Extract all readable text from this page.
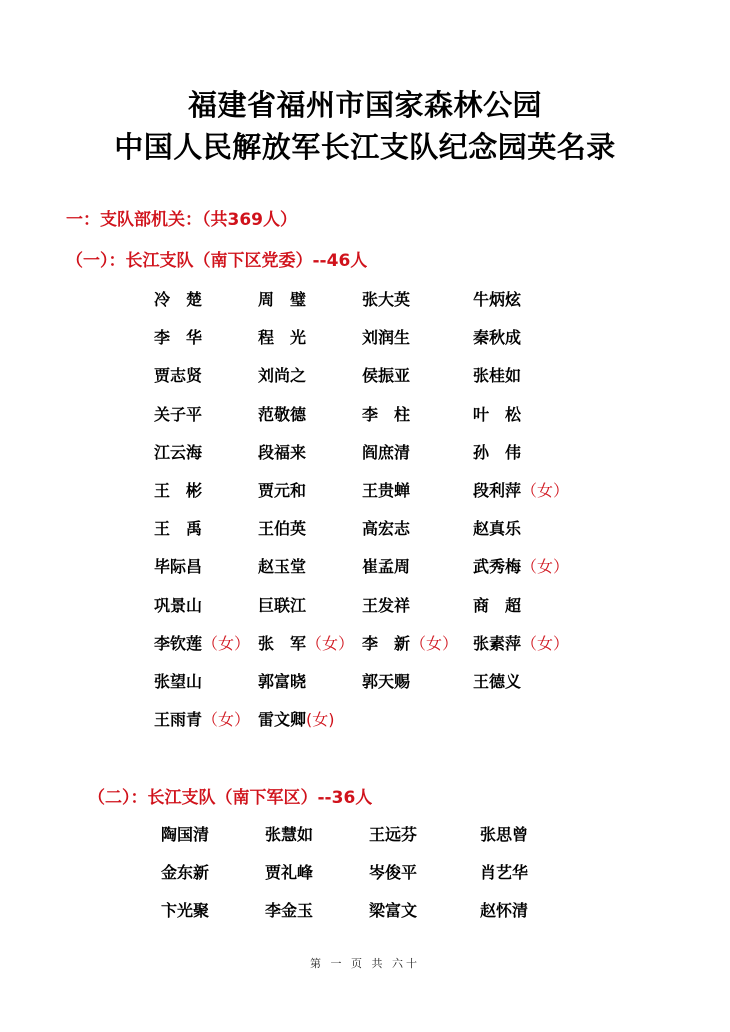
福建省福州市国家森林公园
中国人民解放军长江支队纪念园英名录
一：支队部机关：（共369人）
（一）：长江支队（南下区党委）--46人
冷　楚	周　璧	张大英	牛炳炫
李　华	程　光	刘润生	秦秋成
贾志贤	刘尚之	侯振亚	张桂如
关子平	范敬德	李　柱	叶　松
江云海	段福来	阎庶清	孙　伟
王　彬	贾元和	王贵蝉	段利萍（女）
王　禹	王伯英	高宏志	赵真乐
毕际昌	赵玉堂	崔孟周	武秀梅（女）
巩景山	巨联江	王发祥	商　超
李钦莲（女） 张　军（女） 李　新（女） 张素萍（女）
张望山	郭富晓	郭天赐	王德义
王雨青（女） 雷文卿(女)
（二）：长江支队（南下军区）--36人
陶国清	张慧如	王远芬	张思曾
金东新	贾礼峰	岑俊平	肖艺华
卞光聚	李金玉	梁富文	赵怀清
第 一 页 共 六十
